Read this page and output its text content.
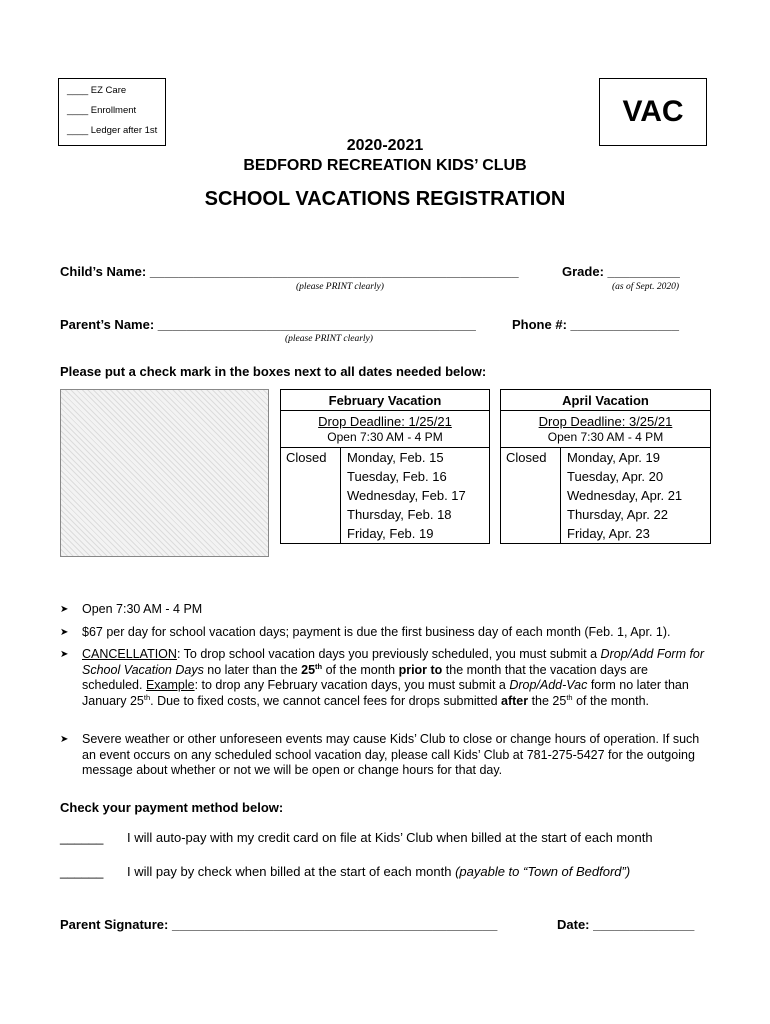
____ EZ Care
____ Enrollment
____ Ledger after 1st
VAC
2020-2021
BEDFORD RECREATION KIDS’ CLUB
SCHOOL VACATIONS REGISTRATION
Child’s Name: ___________________________________________________	Grade: __________
(please PRINT clearly)	(as of Sept. 2020)
Parent’s Name: ____________________________________________	Phone #: _______________
(please PRINT clearly)
Please put a check mark in the boxes next to all dates needed below:
February Vacation
Drop Deadline: 1/25/21
Open 7:30 AM - 4 PM
Closed	Monday, Feb. 15
Tuesday, Feb. 16
Wednesday, Feb. 17
Thursday, Feb. 18
Friday, Feb. 19
April Vacation
Drop Deadline: 3/25/21
Open 7:30 AM - 4 PM
Closed	Monday, Apr. 19
Tuesday, Apr. 20
Wednesday, Apr. 21
Thursday, Apr. 22
Friday, Apr. 23
➤ Open 7:30 AM - 4 PM
➤ $67 per day for school vacation days; payment is due the first business day of each month (Feb. 1, Apr. 1).
➤ CANCELLATION: To drop school vacation days you previously scheduled, you must submit a Drop/Add Form for School Vacation Days no later than the 25th of the month prior to the month that the vacation days are scheduled. Example: to drop any February vacation days, you must submit a Drop/Add-Vac form no later than January 25th. Due to fixed costs, we cannot cancel fees for drops submitted after the 25th of the month.
➤ Severe weather or other unforeseen events may cause Kids’ Club to close or change hours of operation. If such an event occurs on any scheduled school vacation day, please call Kids’ Club at 781-275-5427 for the outgoing message about whether or not we will be open or change hours for that day.
Check your payment method below:
______ I will auto-pay with my credit card on file at Kids’ Club when billed at the start of each month
______ I will pay by check when billed at the start of each month (payable to “Town of Bedford”)
Parent Signature: _____________________________________________	Date: ______________
